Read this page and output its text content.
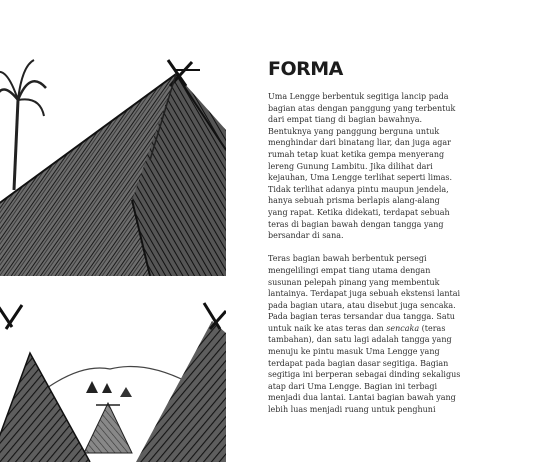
FORMA

Uma Lengge berbentuk segitiga lancip pada
bagian atas dengan panggung yang terbentuk
dari empat tiang di bagian bawahnya.
Bentuknya yang panggung berguna untuk
menghindar dari binatang liar, dan juga agar
rumah tetap kuat ketika gempa menyerang
lereng Gunung Lambitu. Jika dilihat dari
kejauhan, Uma Lengge terlihat seperti limas.
Tidak terlihat adanya pintu maupun jendela,
hanya sebuah prisma berlapis alang-alang
yang rapat. Ketika didekati, terdapat sebuah
teras di bagian bawah dengan tangga yang
bersandar di sana.

Teras bagian bawah berbentuk persegi
mengelilingi empat tiang utama dengan
susunan pelepah pinang yang membentuk
lantainya. Terdapat juga sebuah ekstensi lantai
pada bagian utara, atau disebut juga sencaka.
Pada bagian teras tersandar dua tangga. Satu
untuk naik ke atas teras dan sencaka (teras
tambahan), dan satu lagi adalah tangga yang
menuju ke pintu masuk Uma Lengge yang
terdapat pada bagian dasar segitiga. Bagian
segitiga ini berperan sebagai dinding sekaligus
atap dari Uma Lengge. Bagian ini terbagi
menjadi dua lantai. Lantai bagian bawah yang
lebih luas menjadi ruang untuk penghuni
